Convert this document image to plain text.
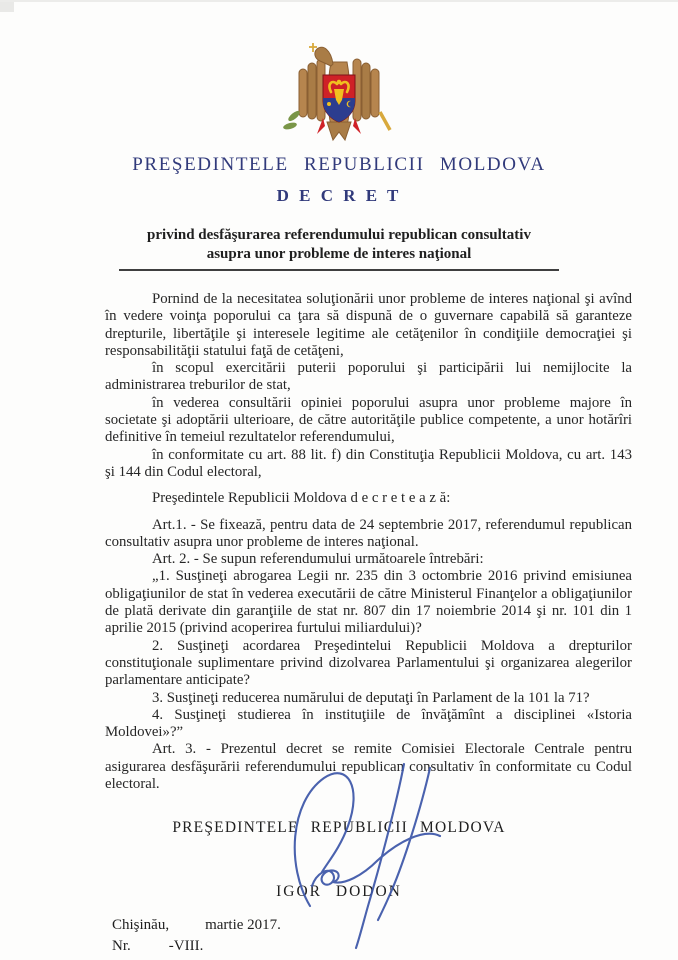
PREŞEDINTELE REPUBLICII MOLDOVA
D E C R E T

privind desfăşurarea referendumului republican consultativ
asupra unor probleme de interes naţional

Pornind de la necesitatea soluţionării unor probleme de interes naţional şi avînd în vedere voinţa poporului ca ţara să dispună de o guvernare capabilă să garanteze drepturile, libertăţile şi interesele legitime ale cetăţenilor în condiţiile democraţiei şi responsabilităţii statului faţă de cetăţeni,

în scopul exercitării puterii poporului şi participării lui nemijlocite la administrarea treburilor de stat,

în vederea consultării opiniei poporului asupra unor probleme majore în societate şi adoptării ulterioare, de către autorităţile publice competente, a unor hotărîri definitive în temeiul rezultatelor referendumului,

în conformitate cu art. 88 lit. f) din Constituţia Republicii Moldova, cu art. 143 şi 144 din Codul electoral,

Preşedintele Republicii Moldova d e c r e t e a z ă:

Art.1. - Se fixează, pentru data de 24 septembrie 2017, referendumul republican consultativ asupra unor probleme de interes naţional.

Art. 2. - Se supun referendumului următoarele întrebări:

„1. Susţineţi abrogarea Legii nr. 235 din 3 octombrie 2016 privind emisiunea obligaţiunilor de stat în vederea executării de către Ministerul Finanţelor a obligaţiunilor de plată derivate din garanţiile de stat nr. 807 din 17 noiembrie 2014 şi nr. 101 din 1 aprilie 2015 (privind acoperirea furtului miliardului)?

2. Susţineţi acordarea Preşedintelui Republicii Moldova a drepturilor constituţionale suplimentare privind dizolvarea Parlamentului şi organizarea alegerilor parlamentare anticipate?

3. Susţineţi reducerea numărului de deputaţi în Parlament de la 101 la 71?

4. Susţineţi studierea în instituţiile de învăţămînt a disciplinei «Istoria Moldovei»?”

Art. 3. - Prezentul decret se remite Comisiei Electorale Centrale pentru asigurarea desfăşurării referendumului republican consultativ în conformitate cu Codul electoral.

PREŞEDINTELE REPUBLICII MOLDOVA
IGOR DODON
Chişinău, martie 2017.
Nr.	-VIII.
